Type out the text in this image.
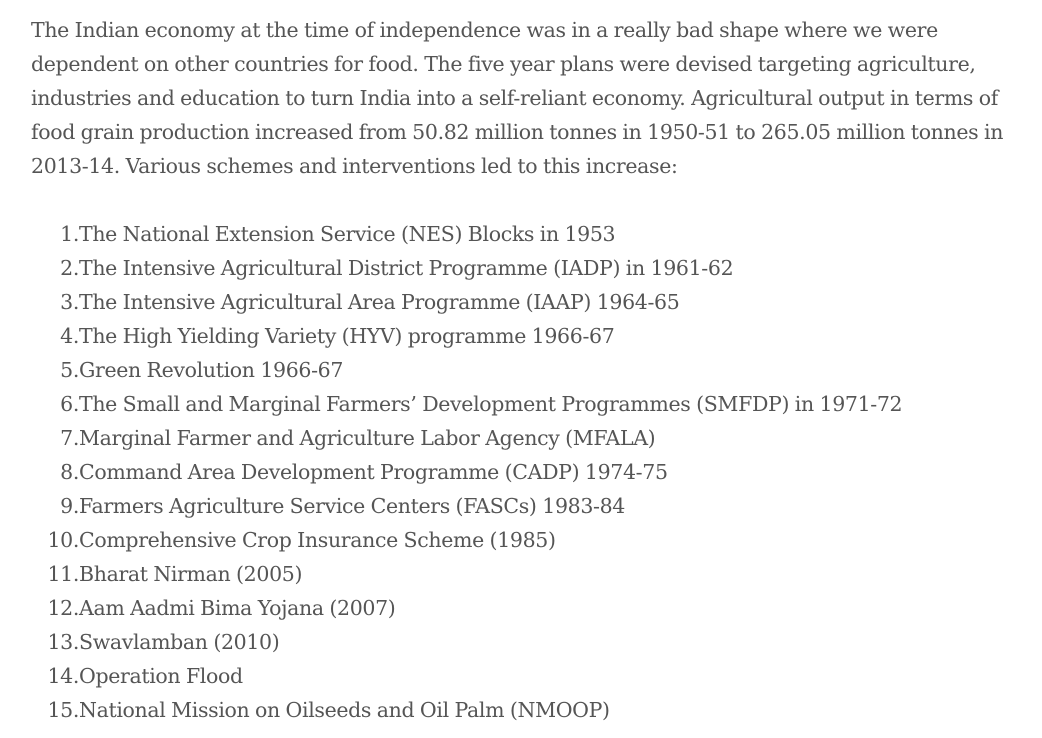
The Indian economy at the time of independence was in a really bad shape where we were dependent on other countries for food. The five year plans were devised targeting agriculture, industries and education to turn India into a self-reliant economy. Agricultural output in terms of food grain production increased from 50.82 million tonnes in 1950-51 to 265.05 million tonnes in 2013-14. Various schemes and interventions led to this increase:

1. The National Extension Service (NES) Blocks in 1953
2. The Intensive Agricultural District Programme (IADP) in 1961-62
3. The Intensive Agricultural Area Programme (IAAP) 1964-65
4. The High Yielding Variety (HYV) programme 1966-67
5. Green Revolution 1966-67
6. The Small and Marginal Farmers’ Development Programmes (SMFDP) in 1971-72
7. Marginal Farmer and Agriculture Labor Agency (MFALA)
8. Command Area Development Programme (CADP) 1974-75
9. Farmers Agriculture Service Centers (FASCs) 1983-84
10. Comprehensive Crop Insurance Scheme (1985)
11. Bharat Nirman (2005)
12. Aam Aadmi Bima Yojana (2007)
13. Swavlamban (2010)
14. Operation Flood
15. National Mission on Oilseeds and Oil Palm (NMOOP)
